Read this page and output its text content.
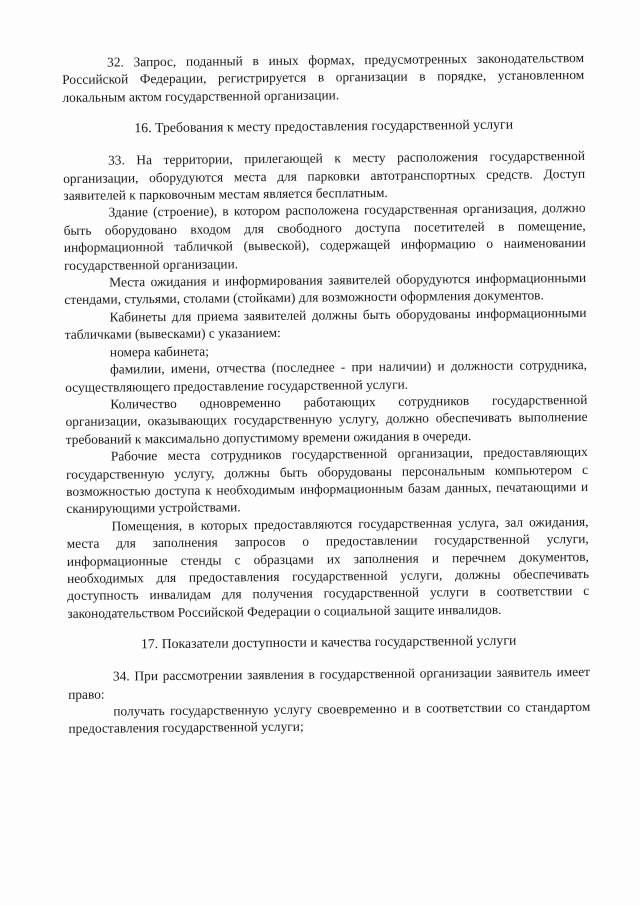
32. Запрос, поданный в иных формах, предусмотренных законодательством Российской Федерации, регистрируется в организации в порядке, установленном локальным актом государственной организации.

16. Требования к месту предоставления государственной услуги

33. На территории, прилегающей к месту расположения государственной организации, оборудуются места для парковки автотранспортных средств. Доступ заявителей к парковочным местам является бесплатным.

Здание (строение), в котором расположена государственная организация, должно быть оборудовано входом для свободного доступа посетителей в помещение, информационной табличкой (вывеской), содержащей информацию о наименовании государственной организации.

Места ожидания и информирования заявителей оборудуются информационными стендами, стульями, столами (стойками) для возможности оформления документов.

Кабинеты для приема заявителей должны быть оборудованы информационными табличками (вывесками) с указанием:

номера кабинета;

фамилии, имени, отчества (последнее - при наличии) и должности сотрудника, осуществляющего предоставление государственной услуги.

Количество одновременно работающих сотрудников государственной организации, оказывающих государственную услугу, должно обеспечивать выполнение требований к максимально допустимому времени ожидания в очереди.

Рабочие места сотрудников государственной организации, предоставляющих государственную услугу, должны быть оборудованы персональным компьютером с возможностью доступа к необходимым информационным базам данных, печатающими и сканирующими устройствами.

Помещения, в которых предоставляются государственная услуга, зал ожидания, места для заполнения запросов о предоставлении государственной услуги, информационные стенды с образцами их заполнения и перечнем документов, необходимых для предоставления государственной услуги, должны обеспечивать доступность инвалидам для получения государственной услуги в соответствии с законодательством Российской Федерации о социальной защите инвалидов.

17. Показатели доступности и качества государственной услуги

34. При рассмотрении заявления в государственной организации заявитель имеет право:

получать государственную услугу своевременно и в соответствии со стандартом предоставления государственной услуги;
